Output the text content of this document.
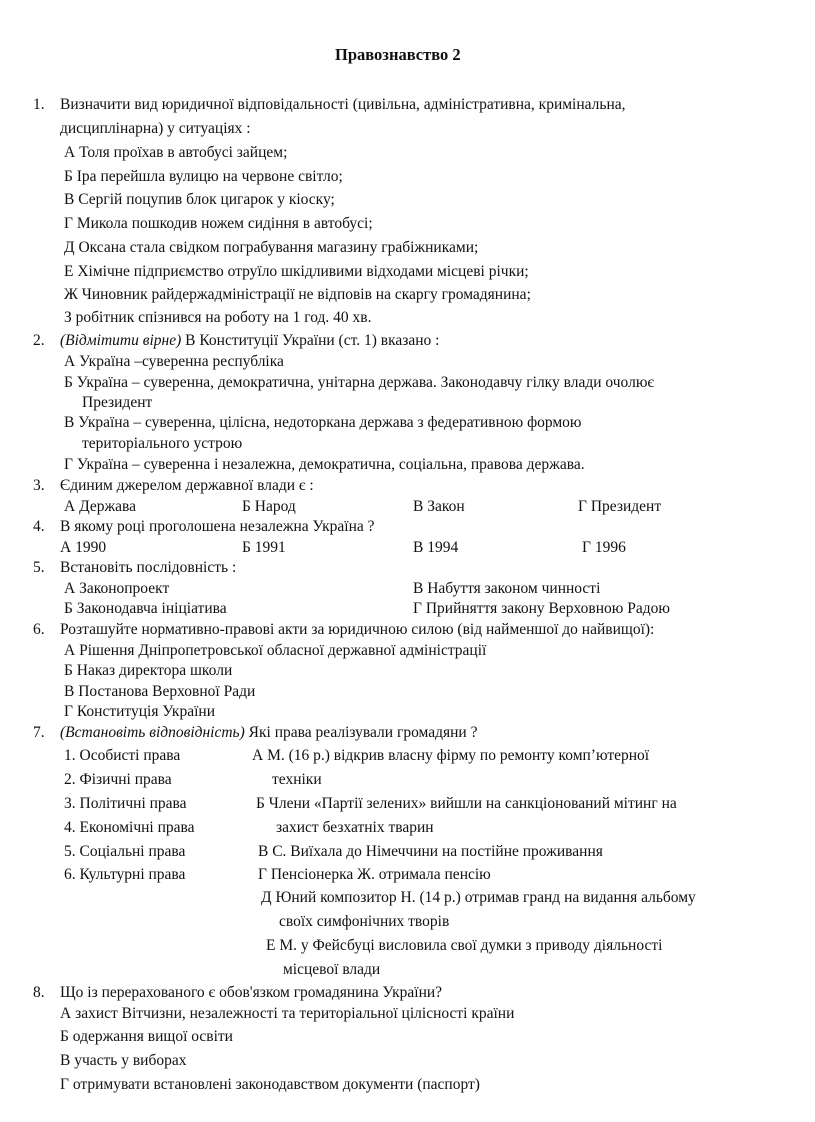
Правознавство 2
1. Визначити вид юридичної відповідальності (цивільна, адміністративна, кримінальна,
дисциплінарна) у ситуаціях :
А Толя проїхав в автобусі зайцем;
Б Іра перейшла вулицю на червоне світло;
В Сергій поцупив блок цигарок у кіоску;
Г Микола пошкодив ножем сидіння в автобусі;
Д Оксана стала свідком пограбування магазину грабіжниками;
Е Хімічне підприємство отруїло шкідливими відходами місцеві річки;
Ж Чиновник райдержадміністрації не відповів на скаргу громадянина;
З робітник спізнився на роботу на 1 год. 40 хв.
2. (Відмітити вірне) В Конституції України (ст. 1) вказано :
А Україна –суверенна республіка
Б Україна – суверенна, демократична, унітарна держава. Законодавчу гілку влади очолює
Президент
В Україна – суверенна, цілісна, недоторкана держава з федеративною формою
територіального устрою
Г Україна – суверенна і незалежна, демократична, соціальна, правова держава.
3. Єдиним джерелом державної влади є :
А Держава	Б Народ	В Закон	Г Президент
4. В якому році проголошена незалежна Україна ?
А 1990	Б 1991	В 1994	Г 1996
5. Встановіть послідовність :
А Законопроект	В Набуття законом чинності
Б Законодавча ініціатива	Г Прийняття закону Верховною Радою
6. Розташуйте нормативно-правові акти за юридичною силою (від найменшої до найвищої):
А Рішення Дніпропетровської обласної державної адміністрації
Б Наказ директора школи
В Постанова Верховної Ради
Г Конституція України
7. (Встановіть відповідність) Які права реалізували громадяни ?
1. Особисті права
2. Фізичні права
3. Політичні права
4. Економічні права
5. Соціальні права
6. Культурні права
А М. (16 р.) відкрив власну фірму по ремонту комп’ютерної
техніки
Б Члени «Партії зелених» вийшли на санкціонований мітинг на
захист безхатніх тварин
В С. Виїхала до Німеччини на постійне проживання
Г Пенсіонерка Ж. отримала пенсію
Д Юний композитор Н. (14 р.) отримав гранд на видання альбому
своїх симфонічних творів
Е М. у Фейсбуці висловила свої думки з приводу діяльності
місцевої влади
8. Що із перерахованого є обов'язком громадянина України?
А захист Вітчизни, незалежності та територіальної цілісності країни
Б одержання вищої освіти
В участь у виборах
Г отримувати встановлені законодавством документи (паспорт)
